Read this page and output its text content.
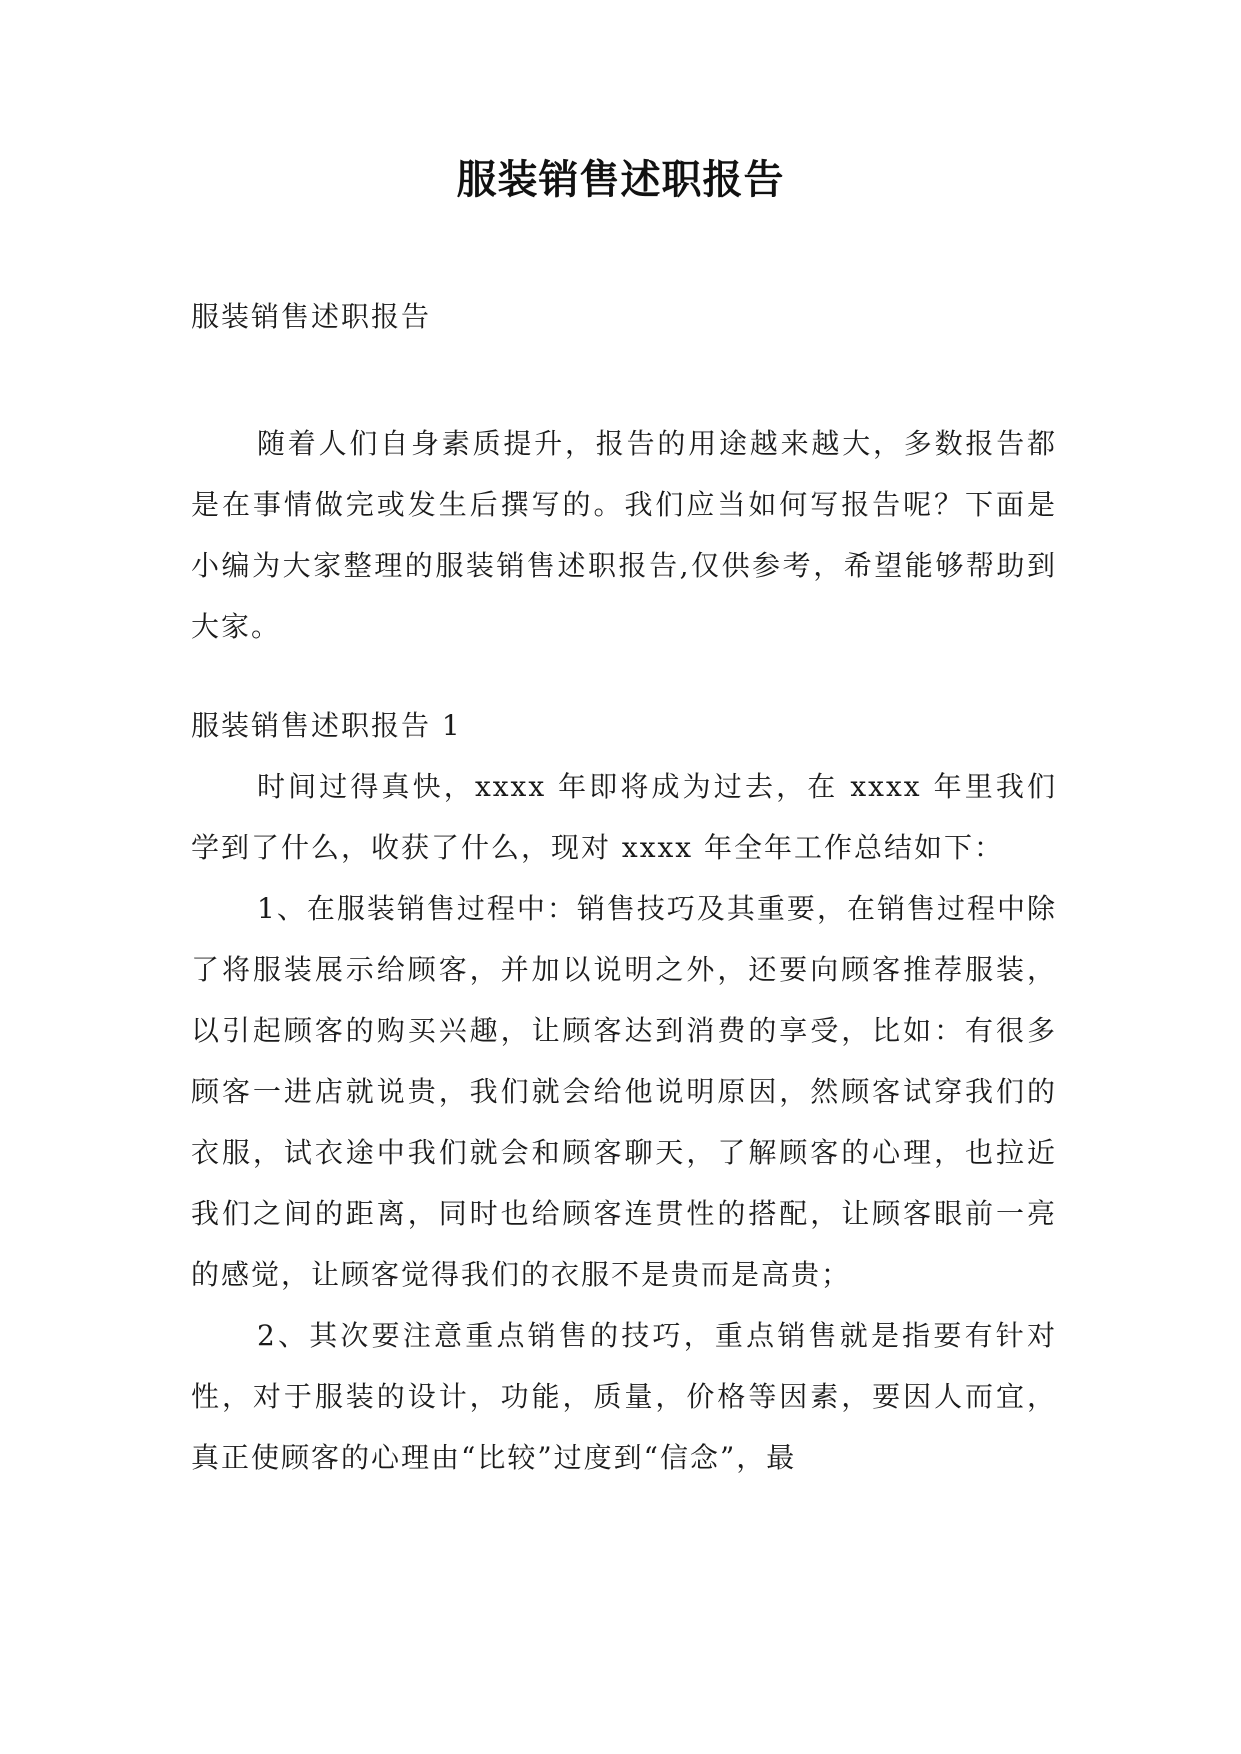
服装销售述职报告
服装销售述职报告
随着人们自身素质提升，报告的用途越来越大，多数报告都是在事情做完或发生后撰写的。我们应当如何写报告呢？下面是小编为大家整理的服装销售述职报告,仅供参考，希望能够帮助到大家。
服装销售述职报告 1

时间过得真快，xxxx 年即将成为过去，在 xxxx 年里我们学到了什么，收获了什么，现对 xxxx 年全年工作总结如下：

1、在服装销售过程中：销售技巧及其重要，在销售过程中除了将服装展示给顾客，并加以说明之外，还要向顾客推荐服装，以引起顾客的购买兴趣，让顾客达到消费的享受，比如：有很多顾客一进店就说贵，我们就会给他说明原因，然顾客试穿我们的衣服，试衣途中我们就会和顾客聊天，了解顾客的心理，也拉近我们之间的距离，同时也给顾客连贯性的搭配，让顾客眼前一亮的感觉，让顾客觉得我们的衣服不是贵而是高贵；

2、其次要注意重点销售的技巧，重点销售就是指要有针对性，对于服装的设计，功能，质量，价格等因素，要因人而宜，真正使顾客的心理由“比较”过度到“信念”，最
